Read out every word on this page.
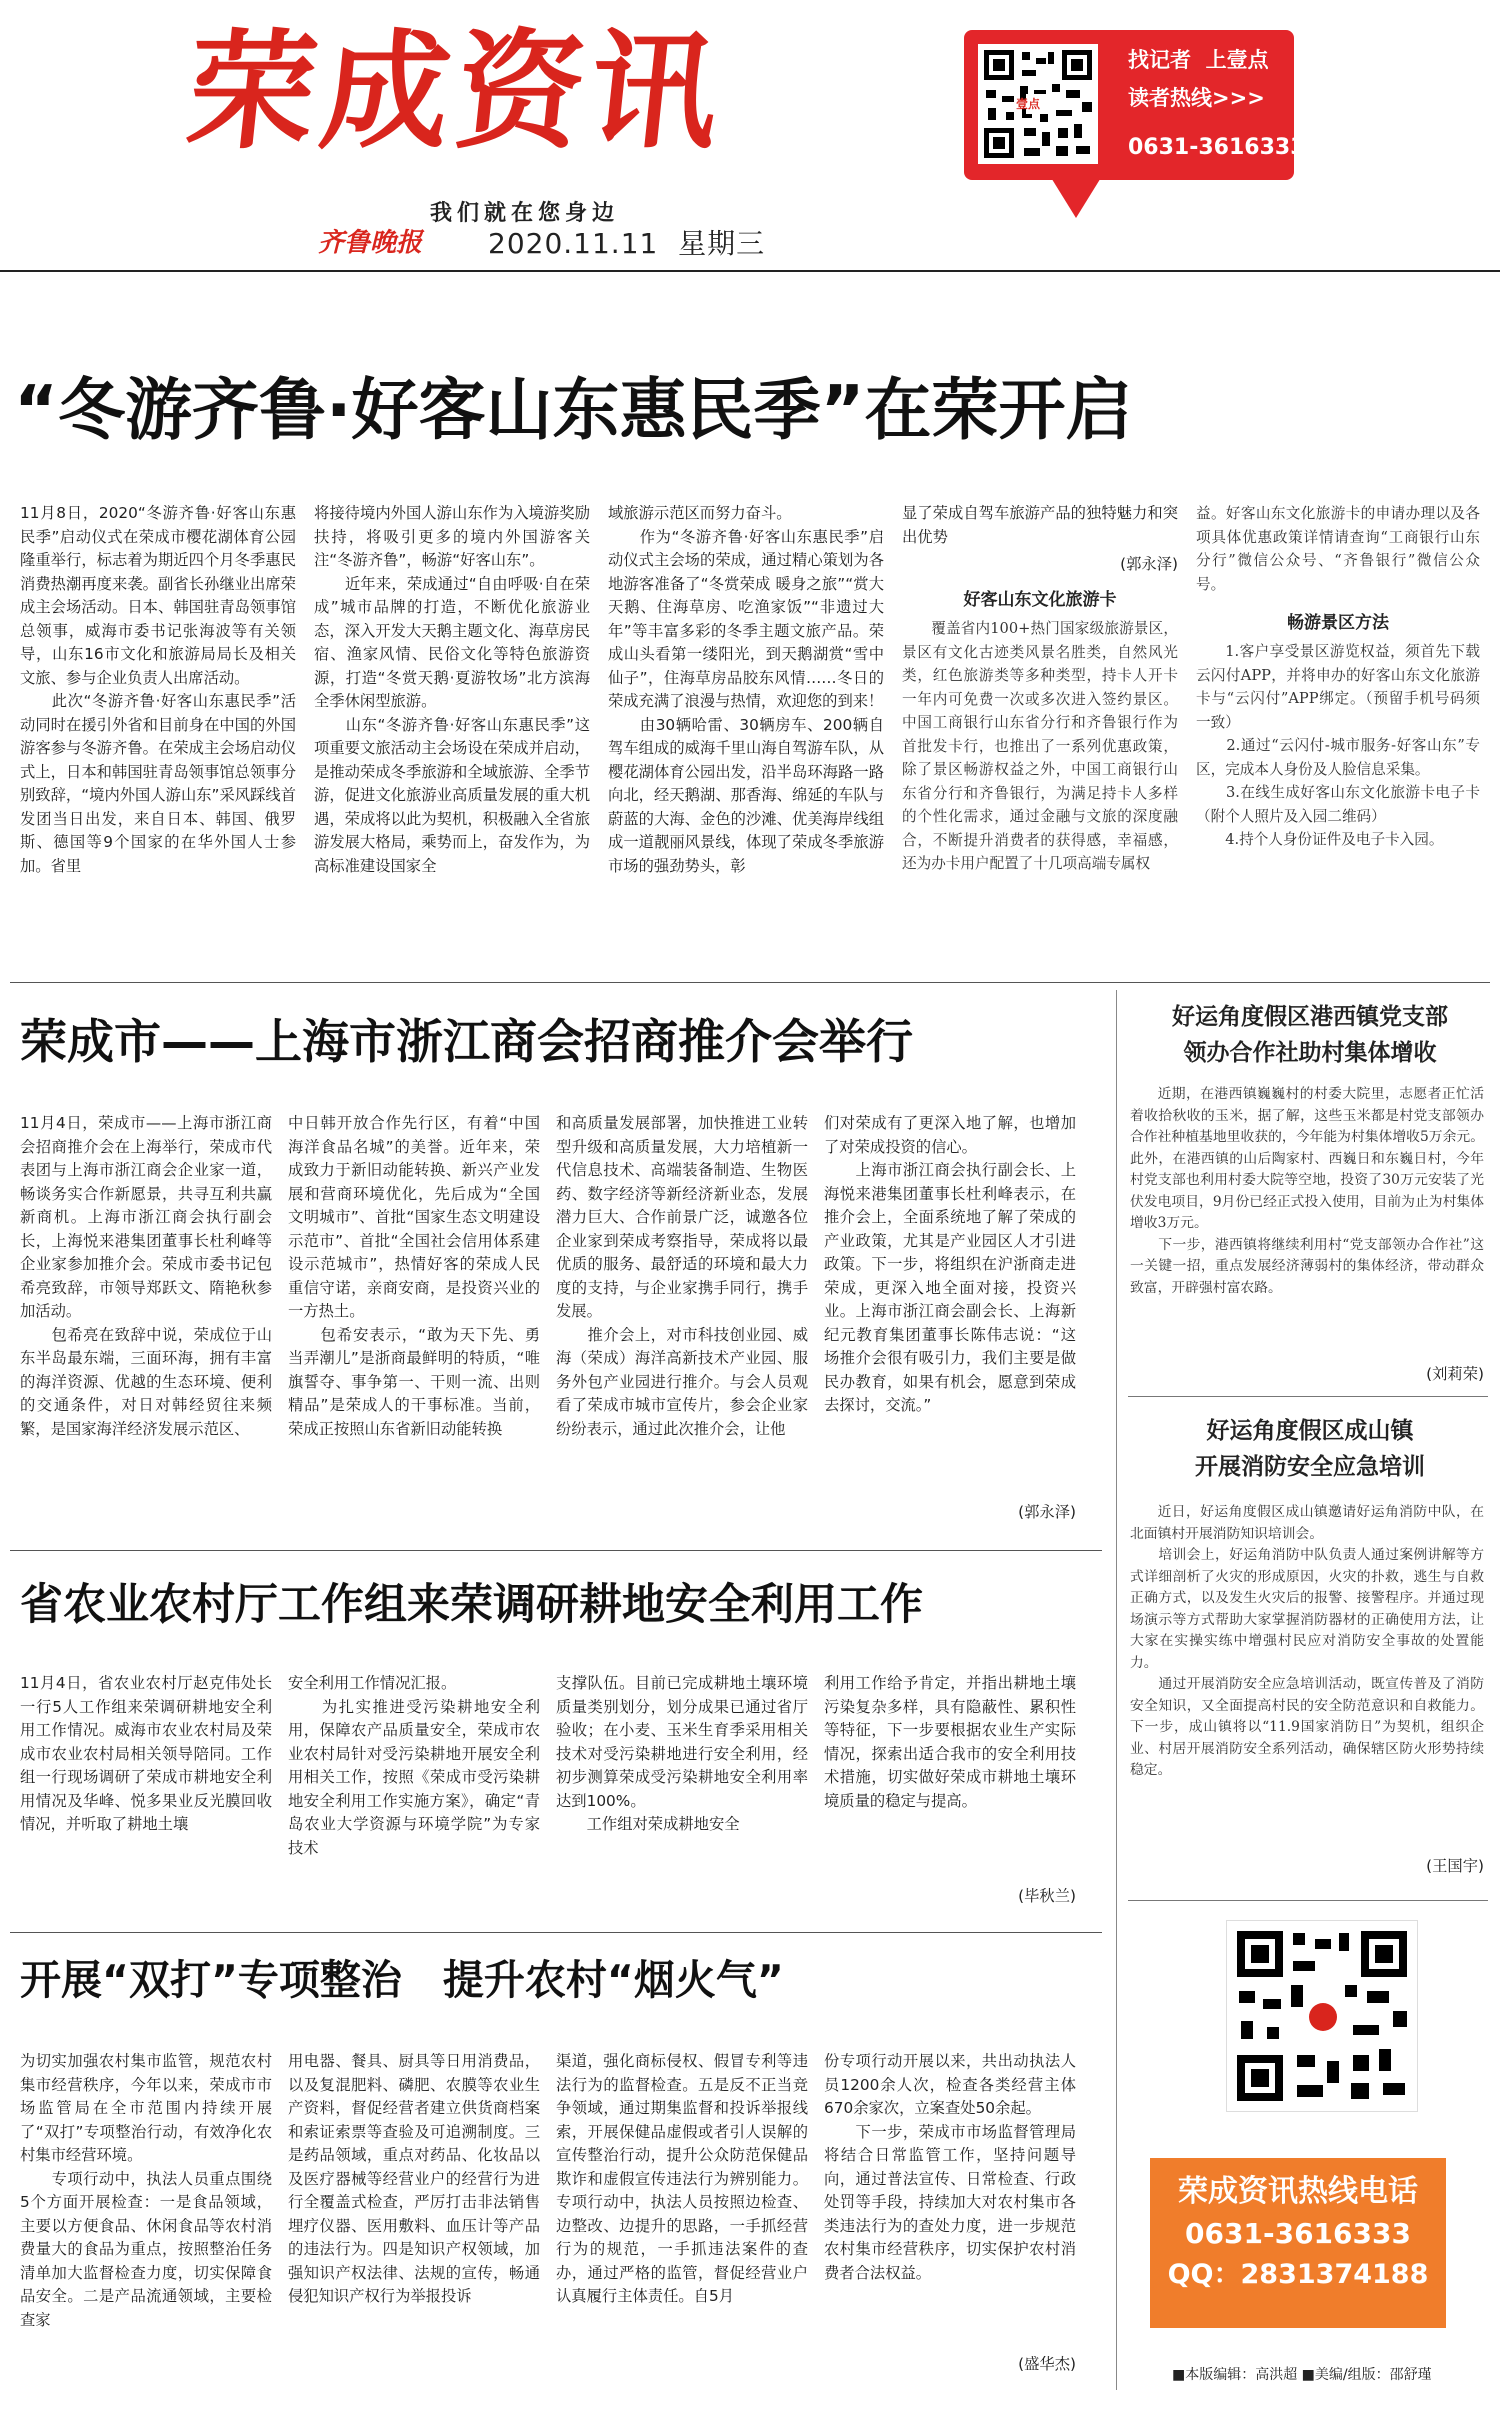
荣成资讯	壹点
找记者  上壹点
读者热线>>>
0631-3616333
我们就在您身边
齐鲁晚报 2020.11.11 星期三
“冬游齐鲁·好客山东惠民季”在荣开启
11月8日，2020“冬游齐鲁·好客山东惠民季”启动仪式在荣成市樱花湖体育公园隆重举行，标志着为期近四个月冬季惠民消费热潮再度来袭。副省长孙继业出席荣成主会场活动。日本、韩国驻青岛领事馆总领事，威海市委书记张海波等有关领导，山东16市文化和旅游局局长及相关文旅、参与企业负责人出席活动。
　　此次“冬游齐鲁·好客山东惠民季”活动同时在援引外省和目前身在中国的外国游客参与冬游齐鲁。在荣成主会场启动仪式上，日本和韩国驻青岛领事馆总领事分别致辞，“境内外国人游山东”采风踩线首发团当日出发，来自日本、韩国、俄罗斯、德国等9个国家的在华外国人士参加。省里
将接待境内外国人游山东作为入境游奖励扶持，将吸引更多的境内外国游客关注“冬游齐鲁”，畅游“好客山东”。
　　近年来，荣成通过“自由呼吸·自在荣成”城市品牌的打造，不断优化旅游业态，深入开发大天鹅主题文化、海草房民宿、渔家风情、民俗文化等特色旅游资源，打造“冬赏天鹅·夏游牧场”北方滨海全季休闲型旅游。
　　山东“冬游齐鲁·好客山东惠民季”这项重要文旅活动主会场设在荣成并启动，是推动荣成冬季旅游和全域旅游、全季节游，促进文化旅游业高质量发展的重大机遇，荣成将以此为契机，积极融入全省旅游发展大格局，乘势而上，奋发作为，为高标准建设国家全
域旅游示范区而努力奋斗。
　　作为“冬游齐鲁·好客山东惠民季”启动仪式主会场的荣成，通过精心策划为各地游客准备了“冬赏荣成 暖身之旅”“赏大天鹅、住海草房、吃渔家饭”“非遗过大年”等丰富多彩的冬季主题文旅产品。荣成山头看第一缕阳光，到天鹅湖赏“雪中仙子”，住海草房品胶东风情……冬日的荣成充满了浪漫与热情，欢迎您的到来！
　　由30辆哈雷、30辆房车、200辆自驾车组成的威海千里山海自驾游车队，从樱花湖体育公园出发，沿半岛环海路一路向北，经天鹅湖、那香海、绵延的车队与蔚蓝的大海、金色的沙滩、优美海岸线组成一道靓丽风景线，体现了荣成冬季旅游市场的强劲势头，彰
显了荣成自驾车旅游产品的独特魅力和突出优势
(郭永泽)
好客山东文化旅游卡
覆盖省内100+热门国家级旅游景区，景区有文化古迹类风景名胜类，自然风光类，红色旅游类等多种类型，持卡人开卡一年内可免费一次或多次进入签约景区。中国工商银行山东省分行和齐鲁银行作为首批发卡行，也推出了一系列优惠政策，除了景区畅游权益之外，中国工商银行山东省分行和齐鲁银行，为满足持卡人多样的个性化需求，通过金融与文旅的深度融合，不断提升消费者的获得感，幸福感，还为办卡用户配置了十几项高端专属权
益。好客山东文化旅游卡的申请办理以及各项具体优惠政策详情请查询“工商银行山东分行”微信公众号、“齐鲁银行”微信公众号。
畅游景区方法
1.客户享受景区游览权益，须首先下载云闪付APP，并将申办的好客山东文化旅游卡与“云闪付”APP绑定。（预留手机号码须一致）
　　2.通过“云闪付-城市服务-好客山东”专区，完成本人身份及人脸信息采集。
　　3.在线生成好客山东文化旅游卡电子卡（附个人照片及入园二维码）
　　4.持个人身份证件及电子卡入园。
荣成市——上海市浙江商会招商推介会举行
11月4日，荣成市——上海市浙江商会招商推介会在上海举行，荣成市代表团与上海市浙江商会企业家一道，畅谈务实合作新愿景，共寻互利共赢新商机。上海市浙江商会执行副会长，上海悦来港集团董事长杜利峰等企业家参加推介会。荣成市委书记包希亮致辞，市领导郑跃文、隋艳秋参加活动。
　　包希亮在致辞中说，荣成位于山东半岛最东端，三面环海，拥有丰富的海洋资源、优越的生态环境、便利的交通条件，对日对韩经贸往来频繁，是国家海洋经济发展示范区、
中日韩开放合作先行区，有着“中国海洋食品名城”的美誉。近年来，荣成致力于新旧动能转换、新兴产业发展和营商环境优化，先后成为“全国文明城市”、首批“国家生态文明建设示范市”、首批“全国社会信用体系建设示范城市”，热情好客的荣成人民重信守诺，亲商安商，是投资兴业的一方热土。
　　包希安表示，“敢为天下先、勇当弄潮儿”是浙商最鲜明的特质，“唯旗誓夺、事争第一、干则一流、出则精品”是荣成人的干事标准。当前，荣成正按照山东省新旧动能转换
和高质量发展部署，加快推进工业转型升级和高质量发展，大力培植新一代信息技术、高端装备制造、生物医药、数字经济等新经济新业态，发展潜力巨大、合作前景广泛，诚邀各位企业家到荣成考察指导，荣成将以最优质的服务、最舒适的环境和最大力度的支持，与企业家携手同行，携手发展。
　　推介会上，对市科技创业园、威海（荣成）海洋高新技术产业园、服务外包产业园进行推介。与会人员观看了荣成市城市宣传片，参会企业家纷纷表示，通过此次推介会，让他
们对荣成有了更深入地了解，也增加了对荣成投资的信心。
　　上海市浙江商会执行副会长、上海悦来港集团董事长杜利峰表示，在推介会上，全面系统地了解了荣成的产业政策，尤其是产业园区人才引进政策。下一步，将组织在沪浙商走进荣成，更深入地全面对接，投资兴业。上海市浙江商会副会长、上海新纪元教育集团董事长陈伟志说：“这场推介会很有吸引力，我们主要是做民办教育，如果有机会，愿意到荣成去探讨，交流。”
(郭永泽)
省农业农村厅工作组来荣调研耕地安全利用工作
11月4日，省农业农村厅赵克伟处长一行5人工作组来荣调研耕地安全利用工作情况。威海市农业农村局及荣成市农业农村局相关领导陪同。工作组一行现场调研了荣成市耕地安全利用情况及华峰、悦多果业反光膜回收情况，并听取了耕地土壤
安全利用工作情况汇报。
　　为扎实推进受污染耕地安全利用，保障农产品质量安全，荣成市农业农村局针对受污染耕地开展安全利用相关工作，按照《荣成市受污染耕地安全利用工作实施方案》，确定“青岛农业大学资源与环境学院”为专家技术
支撑队伍。目前已完成耕地土壤环境质量类别划分，划分成果已通过省厅验收；在小麦、玉米生育季采用相关技术对受污染耕地进行安全利用，经初步测算荣成受污染耕地安全利用率达到100%。
　　工作组对荣成耕地安全
利用工作给予肯定，并指出耕地土壤污染复杂多样，具有隐蔽性、累积性等特征，下一步要根据农业生产实际情况，探索出适合我市的安全利用技术措施，切实做好荣成市耕地土壤环境质量的稳定与提高。
(毕秋兰)
开展“双打”专项整治　提升农村“烟火气”
为切实加强农村集市监管，规范农村集市经营秩序，今年以来，荣成市市场监管局在全市范围内持续开展了“双打”专项整治行动，有效净化农村集市经营环境。
　　专项行动中，执法人员重点围绕5个方面开展检查：一是食品领域，主要以方便食品、休闲食品等农村消费量大的食品为重点，按照整治任务清单加大监督检查力度，切实保障食品安全。二是产品流通领域，主要检查家
用电器、餐具、厨具等日用消费品，以及复混肥料、磷肥、农膜等农业生产资料，督促经营者建立供货商档案和索证索票等查验及可追溯制度。三是药品领域，重点对药品、化妆品以及医疗器械等经营业户的经营行为进行全覆盖式检查，严厉打击非法销售埋疗仪器、医用敷料、血压计等产品的违法行为。四是知识产权领域，加强知识产权法律、法规的宣传，畅通侵犯知识产权行为举报投诉
渠道，强化商标侵权、假冒专利等违法行为的监督检查。五是反不正当竞争领域，通过期集监督和投诉举报线索，开展保健品虚假或者引人误解的宣传整治行动，提升公众防范保健品欺诈和虚假宣传违法行为辨别能力。专项行动中，执法人员按照边检查、边整改、边提升的思路，一手抓经营行为的规范，一手抓违法案件的查办，通过严格的监管，督促经营业户认真履行主体责任。自5月
份专项行动开展以来，共出动执法人员1200余人次，检查各类经营主体670余家次，立案查处50余起。
　　下一步，荣成市市场监督管理局将结合日常监管工作，坚持问题导向，通过普法宣传、日常检查、行政处罚等手段，持续加大对农村集市各类违法行为的查处力度，进一步规范农村集市经营秩序，切实保护农村消费者合法权益。
(盛华杰)
好运角度假区港西镇党支部
领办合作社助村集体增收
近期，在港西镇巍巍村的村委大院里，志愿者正忙活着收拾秋收的玉米，据了解，这些玉米都是村党支部领办合作社种植基地里收获的，今年能为村集体增收5万余元。此外，在港西镇的山后陶家村、西巍日和东巍日村，今年村党支部也利用村委大院等空地，投资了30万元安装了光伏发电项目，9月份已经正式投入使用，目前为止为村集体增收3万元。
　　下一步，港西镇将继续利用村“党支部领办合作社”这一关键一招，重点发展经济薄弱村的集体经济，带动群众致富，开辟强村富农路。
(刘莉荣)
好运角度假区成山镇
开展消防安全应急培训
近日，好运角度假区成山镇邀请好运角消防中队，在北面镇村开展消防知识培训会。
　　培训会上，好运角消防中队负责人通过案例讲解等方式详细剖析了火灾的形成原因，火灾的扑救，逃生与自救正确方式，以及发生火灾后的报警、接警程序。并通过现场演示等方式帮助大家掌握消防器材的正确使用方法，让大家在实操实练中增强村民应对消防安全事故的处置能力。
　　通过开展消防安全应急培训活动，既宣传普及了消防安全知识，又全面提高村民的安全防范意识和自救能力。下一步，成山镇将以“11.9国家消防日”为契机，组织企业、村居开展消防安全系列活动，确保辖区防火形势持续稳定。
(王国宇)
荣成资讯热线电话
0631-3616333
QQ：2831374188
■本版编辑：高洪超 ■美编/组版：邵舒瑾
